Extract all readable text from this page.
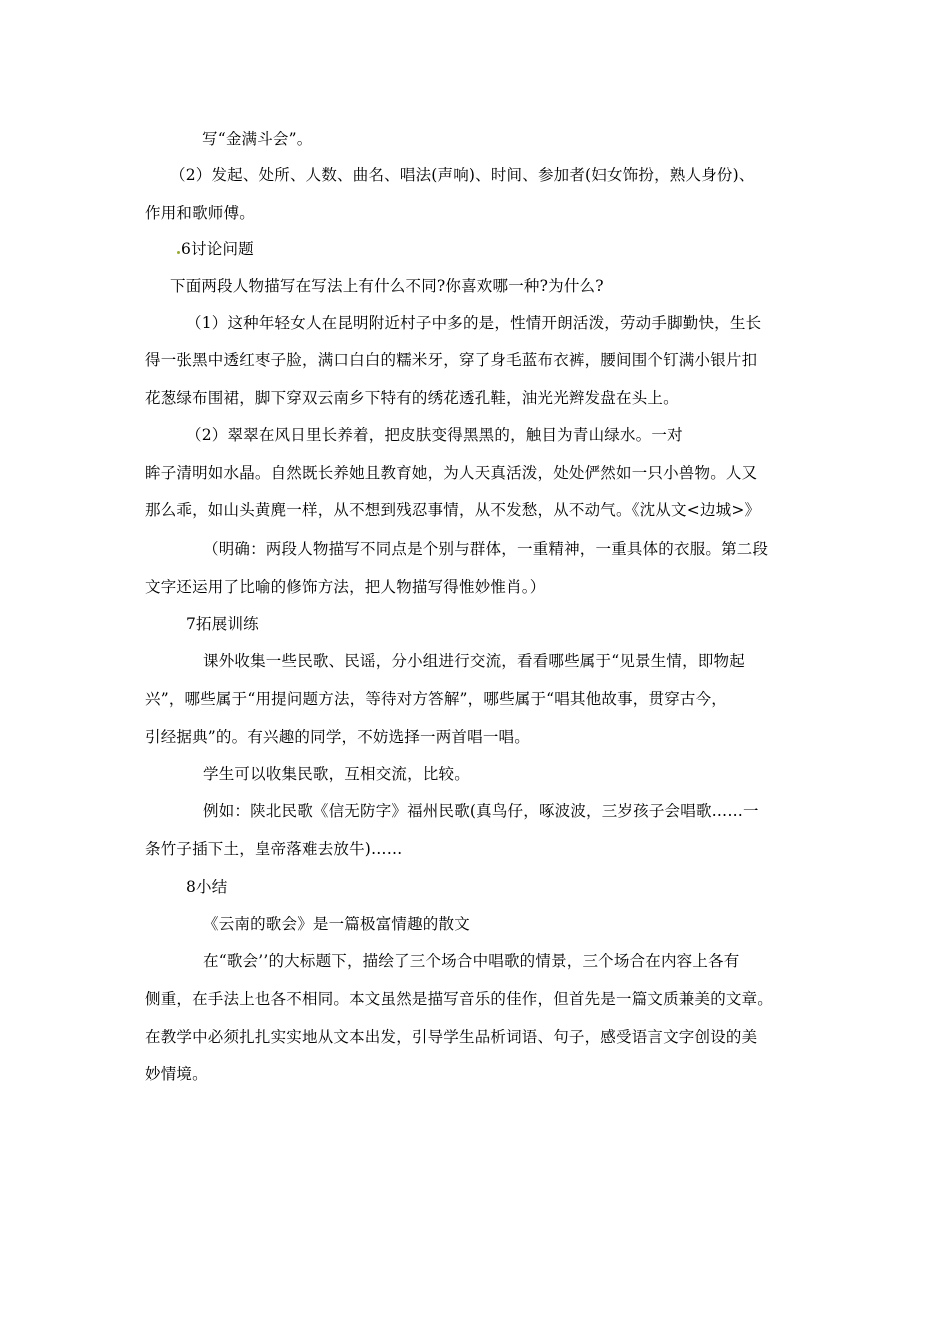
写“金满斗会”。
（2）发起、处所、人数、曲名、唱法(声响)、时间、参加者(妇女饰扮，熟人身份)、
作用和歌师傅。
6讨论问题
下面两段人物描写在写法上有什么不同?你喜欢哪一种?为什么?
（1）这种年轻女人在昆明附近村子中多的是，性情开朗活泼，劳动手脚勤快，生长
得一张黑中透红枣子脸，满口白白的糯米牙，穿了身毛蓝布衣裤，腰间围个钉满小银片扣
花葱绿布围裙，脚下穿双云南乡下特有的绣花透孔鞋，油光光辫发盘在头上。
（2）翠翠在风日里长养着，把皮肤变得黑黑的，触目为青山绿水。一对
眸子清明如水晶。自然既长养她且教育她，为人天真活泼，处处俨然如一只小兽物。人又
那么乖，如山头黄麂一样，从不想到残忍事情，从不发愁，从不动气。《沈从文<边城>》
（明确：两段人物描写不同点是个别与群体，一重精神，一重具体的衣服。第二段
文字还运用了比喻的修饰方法，把人物描写得惟妙惟肖。）
7拓展训练
课外收集一些民歌、民谣，分小组进行交流，看看哪些属于“见景生情，即物起
兴”，哪些属于“用提问题方法，等待对方答解”，哪些属于“唱其他故事，贯穿古今，
引经据典”的。有兴趣的同学，不妨选择一两首唱一唱。
学生可以收集民歌，互相交流，比较。
例如：陕北民歌《信无防字》福州民歌(真鸟仔，啄波波，三岁孩子会唱歌……一
条竹子插下土，皇帝落难去放牛)……
8小结
《云南的歌会》是一篇极富情趣的散文
在“歌会’’的大标题下，描绘了三个场合中唱歌的情景，三个场合在内容上各有
侧重，在手法上也各不相同。本文虽然是描写音乐的佳作，但首先是一篇文质兼美的文章。
在教学中必须扎扎实实地从文本出发，引导学生品析词语、句子，感受语言文字创设的美
妙情境。
